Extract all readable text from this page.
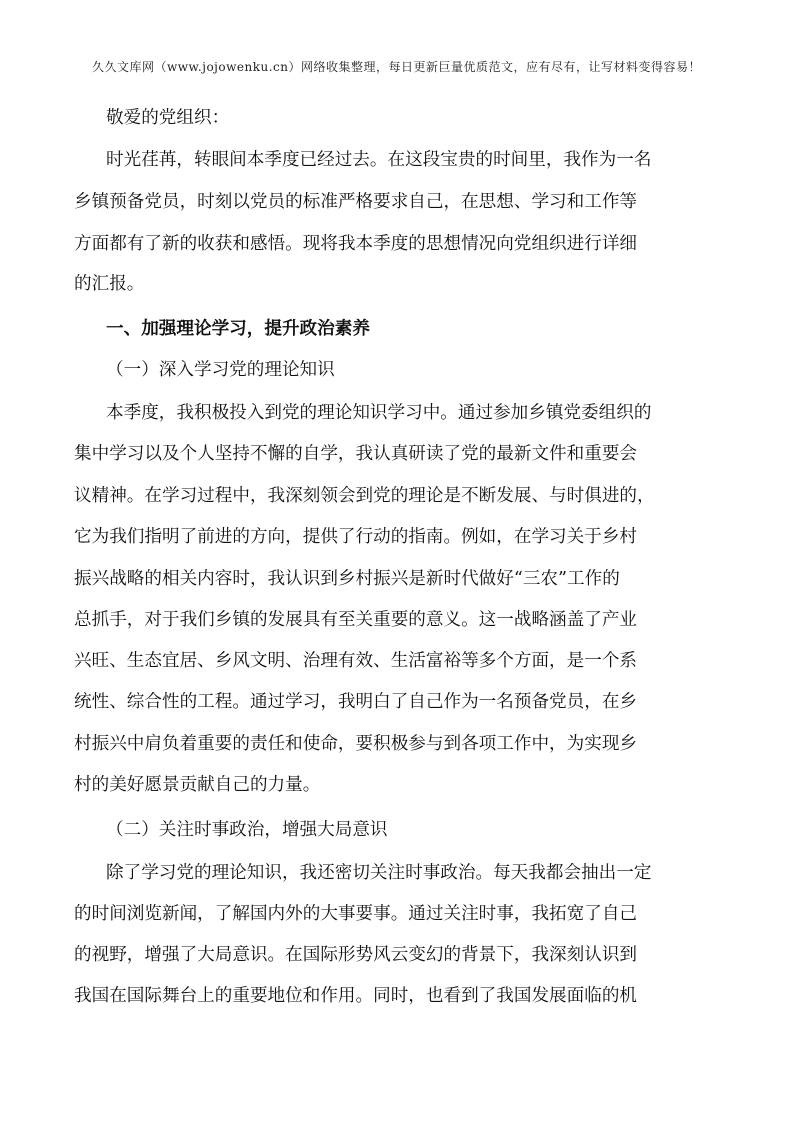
久久文库网（www.jojowenku.cn）网络收集整理，每日更新巨量优质范文，应有尽有，让写材料变得容易！
敬爱的党组织：
时光荏苒，转眼间本季度已经过去。在这段宝贵的时间里，我作为一名
乡镇预备党员，时刻以党员的标准严格要求自己，在思想、学习和工作等
方面都有了新的收获和感悟。现将我本季度的思想情况向党组织进行详细
的汇报。
一、加强理论学习，提升政治素养
（一）深入学习党的理论知识
本季度，我积极投入到党的理论知识学习中。通过参加乡镇党委组织的
集中学习以及个人坚持不懈的自学，我认真研读了党的最新文件和重要会
议精神。在学习过程中，我深刻领会到党的理论是不断发展、与时俱进的，
它为我们指明了前进的方向，提供了行动的指南。例如，在学习关于乡村
振兴战略的相关内容时，我认识到乡村振兴是新时代做好“三农”工作的
总抓手，对于我们乡镇的发展具有至关重要的意义。这一战略涵盖了产业
兴旺、生态宜居、乡风文明、治理有效、生活富裕等多个方面，是一个系
统性、综合性的工程。通过学习，我明白了自己作为一名预备党员，在乡
村振兴中肩负着重要的责任和使命，要积极参与到各项工作中，为实现乡
村的美好愿景贡献自己的力量。
（二）关注时事政治，增强大局意识
除了学习党的理论知识，我还密切关注时事政治。每天我都会抽出一定
的时间浏览新闻，了解国内外的大事要事。通过关注时事，我拓宽了自己
的视野，增强了大局意识。在国际形势风云变幻的背景下，我深刻认识到
我国在国际舞台上的重要地位和作用。同时，也看到了我国发展面临的机
